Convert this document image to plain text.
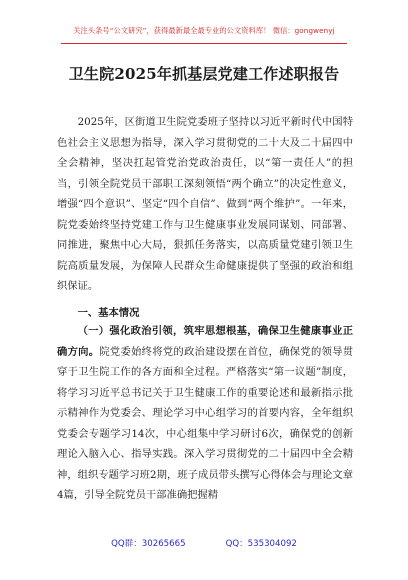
关注头条号“公文研究”，获得最新最全最专业的公文资料库！ 微信：gongwenyj
卫生院2025年抓基层党建工作述职报告

2025年，区街道卫生院党委班子坚持以习近平新时代中国特色社会主义思想为指导，深入学习贯彻党的二十大及二十届四中全会精神，坚决扛起管党治党政治责任，以“第一责任人”的担当，引领全院党员干部职工深刻领悟“两个确立”的决定性意义，增强“四个意识”、坚定“四个自信”、做到“两个维护”。一年来，院党委始终坚持党建工作与卫生健康事业发展同谋划、同部署、同推进，聚焦中心大局，狠抓任务落实，以高质量党建引领卫生院高质量发展，为保障人民群众生命健康提供了坚强的政治和组织保证。

一、基本情况

（一）强化政治引领，筑牢思想根基，确保卫生健康事业正确方向。院党委始终将党的政治建设摆在首位，确保党的领导贯穿于卫生院工作的各方面和全过程。严格落实“第一议题”制度，将学习习近平总书记关于卫生健康工作的重要论述和最新指示批示精神作为党委会、理论学习中心组学习的首要内容，全年组织党委会专题学习14次，中心组集中学习研讨6次，确保党的创新理论入脑入心、指导实践。深入学习贯彻党的二十届四中全会精神，组织专题学习班2期，班子成员带头撰写心得体会与理论文章4篇，引导全院党员干部准确把握精

QQ群：30265665	QQ：535304092
